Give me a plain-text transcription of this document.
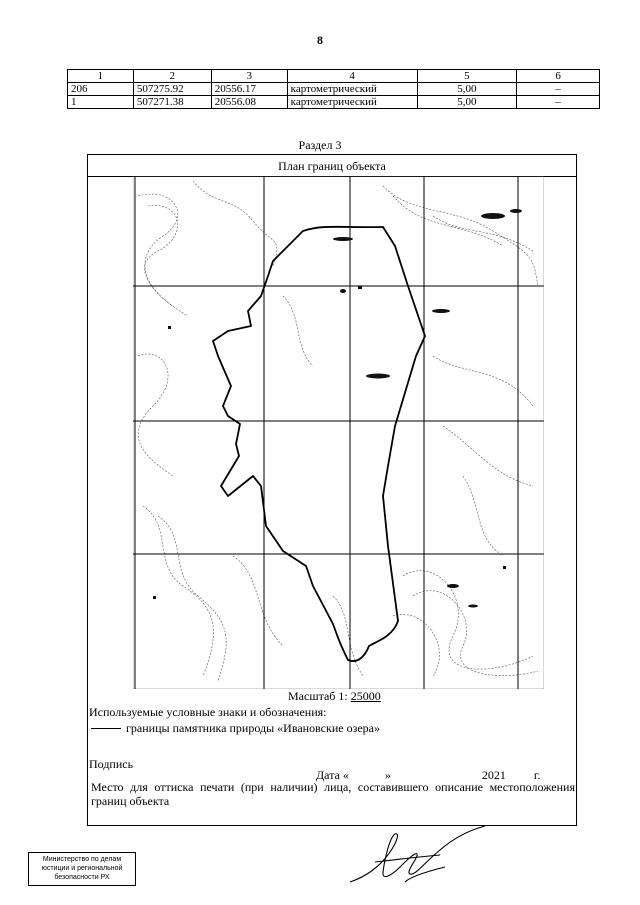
8
1	2	3	4	5	6
206	507275.92	20556.17	картометрический	5,00	–
1	507271.38	20556.08	картометрический	5,00	–
Раздел 3
План границ объекта
Масштаб 1: 25000
Используемые условные знаки и обозначения:
границы памятника природы «Ивановские озера»
Подпись
Дата «	»	2021 г.
Место для оттиска печати (при наличии) лица, составившего описание местоположения границ объекта
Министерство по делам юстиции и региональной безопасности РХ
